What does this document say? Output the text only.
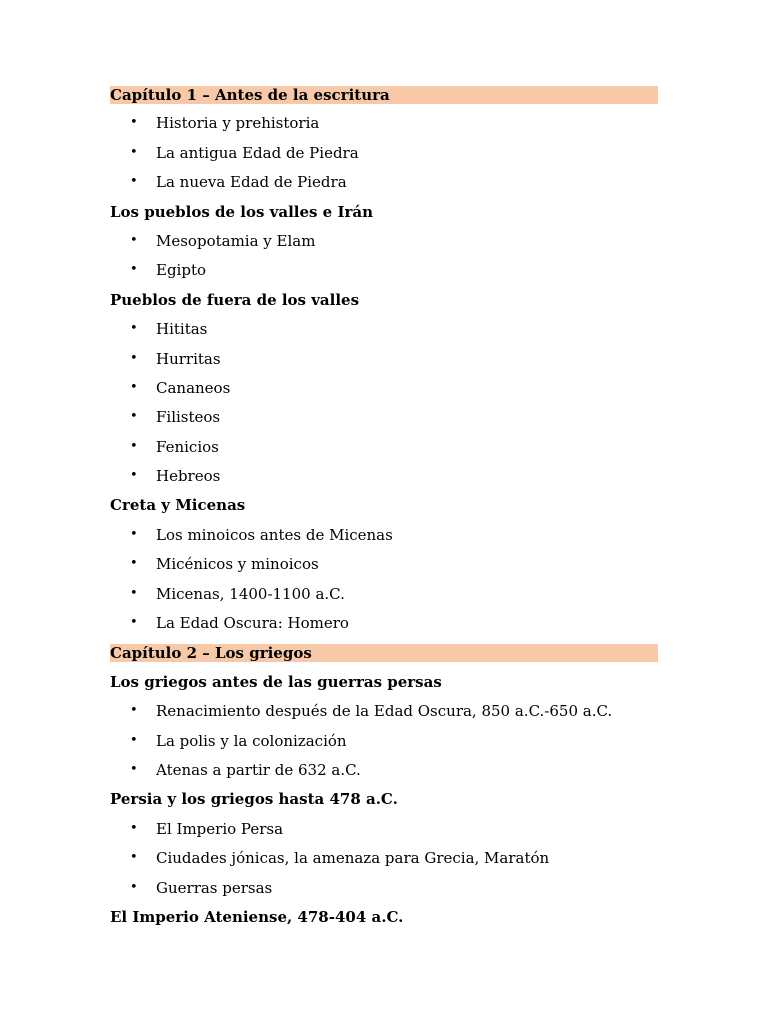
Capítulo 1 – Antes de la escritura
• Historia y prehistoria
• La antigua Edad de Piedra
• La nueva Edad de Piedra
Los pueblos de los valles e Irán
• Mesopotamia y Elam
• Egipto
Pueblos de fuera de los valles
• Hititas
• Hurritas
• Cananeos
• Filisteos
• Fenicios
• Hebreos
Creta y Micenas
• Los minoicos antes de Micenas
• Micénicos y minoicos
• Micenas, 1400-1100 a.C.
• La Edad Oscura: Homero
Capítulo 2 – Los griegos
Los griegos antes de las guerras persas
• Renacimiento después de la Edad Oscura, 850 a.C.-650 a.C.
• La polis y la colonización
• Atenas a partir de 632 a.C.
Persia y los griegos hasta 478 a.C.
• El Imperio Persa
• Ciudades jónicas, la amenaza para Grecia, Maratón
• Guerras persas
El Imperio Ateniense, 478-404 a.C.
